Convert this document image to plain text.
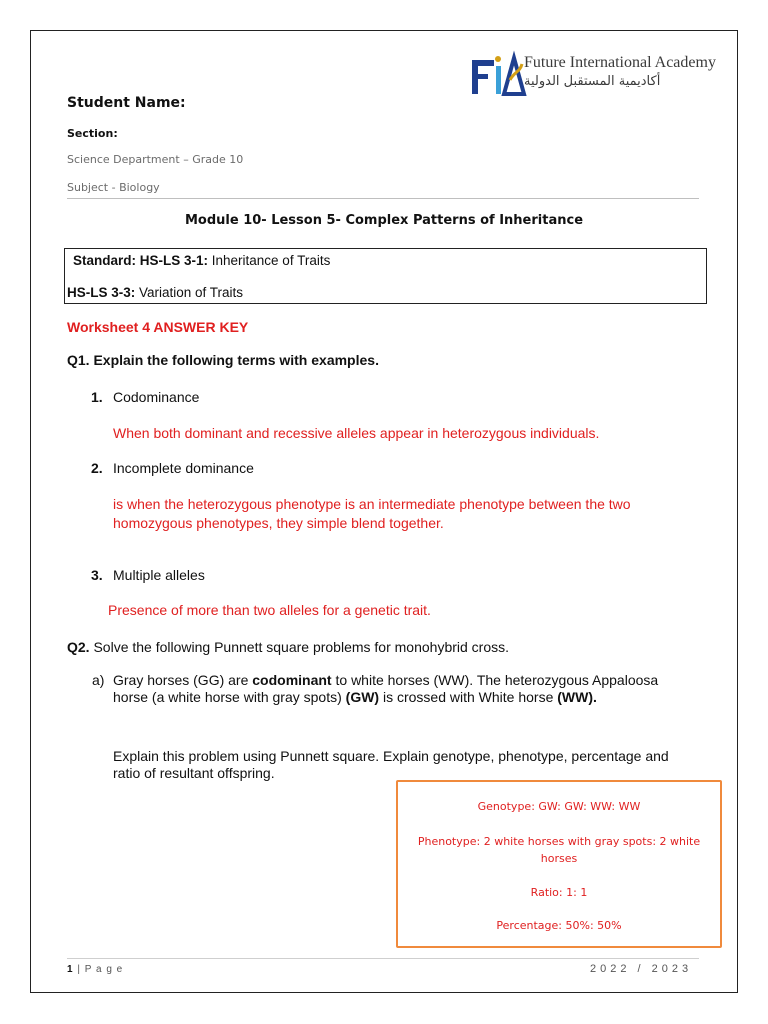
Future International Academy
أكاديمية المستقبل الدولية
Student Name:
Section:
Science Department – Grade 10
Subject - Biology
Module 10- Lesson 5- Complex Patterns of Inheritance
Standard: HS-LS 3-1: Inheritance of Traits
HS-LS 3-3: Variation of Traits
Worksheet 4 ANSWER KEY
Q1. Explain the following terms with examples.
1. Codominance
When both dominant and recessive alleles appear in heterozygous individuals.
2. Incomplete dominance
is when the heterozygous phenotype is an intermediate phenotype between the two
homozygous phenotypes, they simple blend together.
3. Multiple alleles
Presence of more than two alleles for a genetic trait.
Q2. Solve the following Punnett square problems for monohybrid cross.
a) Gray horses (GG) are codominant to white horses (WW). The heterozygous Appaloosa horse (a white horse with gray spots) (GW) is crossed with White horse (WW).
Explain this problem using Punnett square. Explain genotype, phenotype, percentage and ratio of resultant offspring.
Genotype: GW: GW: WW: WW
Phenotype: 2 white horses with gray spots: 2 white
horses
Ratio: 1: 1
Percentage: 50%: 50%
1 | P a g e	2022 / 2023
